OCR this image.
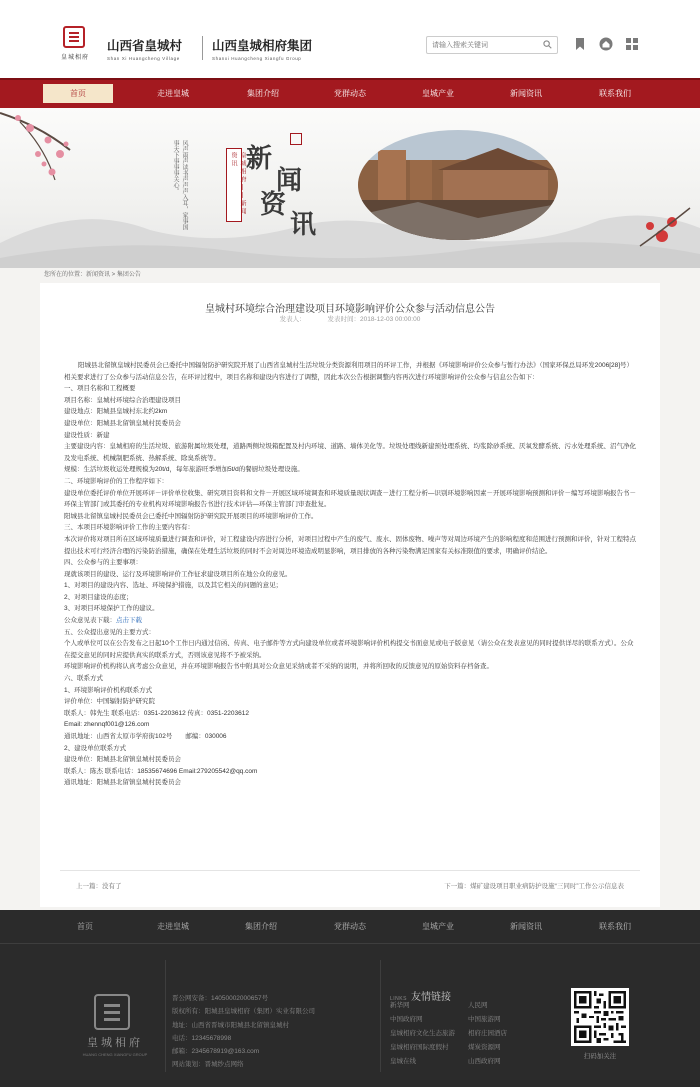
皇城相府
山西省皇城村
Shan Xi Huangcheng Village
山西皇城相府集团
Shanxi Huangcheng Xiangfu Group
请输入搜索关键词
首页	走进皇城	集团介绍	党群动态	皇城产业	新闻资讯	联系我们
风声雨声读书声声声入耳，家事国事天下事事事关心。	皇城相府——新闻资讯 新
闻
资
讯
您所在的位置：新闻资讯 > 集团公告
皇城村环境综合治理建设项目环境影响评价公众参与活动信息公告
发表人：	发表时间：2018-12-03 00:00:00

阳城县北留镇皇城村民委员会已委托中国辐射防护研究院开展了山西省皇城村生活垃圾分类资源利用项目的环评工作，并根据《环境影响评价公众参与暂行办法》（国家环保总局环发2006[28]号）相关要求进行了公众参与活动信息公告，在环评过程中，项目名称和建设内容进行了调整，因此本次公告根据调整内容再次进行环境影响评价公众参与信息公告如下：

一、项目名称和工程概要

项目名称：皇城村环境综合治理建设项目

建设地点：阳城县皇城村东北约2km

建设单位：阳城县北留镇皇城村民委员会

建设性质：新建

主要建设内容：皇城相府的生活垃圾、旅游附属垃圾处理，道路两侧垃圾箱配置及村内环境、道路、墙体美化等。垃圾处理线新建预处理系统、均浆除砂系统、厌氧发酵系统、污水处理系统、沼气净化及发电系统、机械制肥系统、热解系统、除臭系统等。

规模：生活垃圾收运处理规模为20t/d，每年旅游旺季增加5t/d的餐厨垃圾处理设施。

二、环境影响评价的工作程序如下：

建设单位委托评价单位开展环评－评价单位收集、研究项目资料和文件－开展区域环境调查和环境质量现状调查－进行工程分析—识别环境影响因素－开展环境影响预测和评价－编写环境影响报告书－环保主管部门或其委托的专业机构对环境影响报告书进行技术评估—环保主管部门审查批复。

阳城县北留镇皇城村民委员会已委托中国辐射防护研究院开展项目的环境影响评价工作。

三、本项目环境影响评价工作的主要内容有：

本次评价将对项目所在区域环境质量进行调查和评价，对工程建设内容进行分析，对项目过程中产生的废气、废水、固体废物、噪声等对周边环境产生的影响程度和范围进行预测和评价，针对工程特点提出技术可行经济合理的污染防治措施，确保在处理生活垃圾的同时不会对周边环境造成明显影响，项目排放的各种污染物满足国家有关标准限值的要求，明确评价结论。

四、公众参与的主要事项：

现就该项目的建设、运行及环境影响评价工作征求建设项目所在地公众的意见。

1、对项目的建设内容、选址、环境保护措施，以及其它相关的问题的意见；

2、对项目建设的态度；

3、对项目环境保护工作的建议。

公众意见表下载：点击下载

五、公众提出意见的主要方式：

个人或单位可以在公告发布之日起10个工作日内通过信函、传真、电子邮件等方式向建设单位或者环境影响评价机构提交书面意见或电子版意见（请公众在发表意见的同时提供详尽的联系方式）。公众在提交意见的同时应提供真实的联系方式，否则该意见将不予被采纳。

环境影响评价机构将认真考虑公众意见，并在环境影响报告书中附具对公众意见采纳或者不采纳的说明，并将所回收的反馈意见的原始资料存档备查。

六、联系方式

1、环境影响评价机构联系方式

评价单位：中国辐射防护研究院

联系人：韩先生 联系电话：0351-2203612 传真：0351-2203612

Email: zhennqf001@126.com

通讯地址：山西省太原市学府街102号　　邮编：030006

2、建设单位联系方式

建设单位：阳城县北留镇皇城村民委员会

联系人：陈杰 联系电话：18535674696 Email:279205542@qq.com

通讯地址：阳城县北留镇皇城村民委员会

上一篇：没有了	下一篇：煤矿建设项目职业病防护设施“三同时”工作公示信息表
首页	走进皇城	集团介绍	党群动态	皇城产业	新闻资讯	联系我们
皇城相府
HUANG CHENG XIANGFU GROUP

晋公网安备：14050002000657号

版权所有：阳城县皇城相府（集团）实业有限公司

地址：山西省晋城市阳城县北留镇皇城村

电话：12345678998

邮箱：2345678919@163.com

网站策划：晋城纱点网络

LINKS 友情链接
新华网	人民网
中国政府网	中国旅游网
皇城相府文化生态旅游 相府庄园酒店
皇城相府国际度假村	煤炭资源网
皇城在线	山西政府网
扫码加关注
